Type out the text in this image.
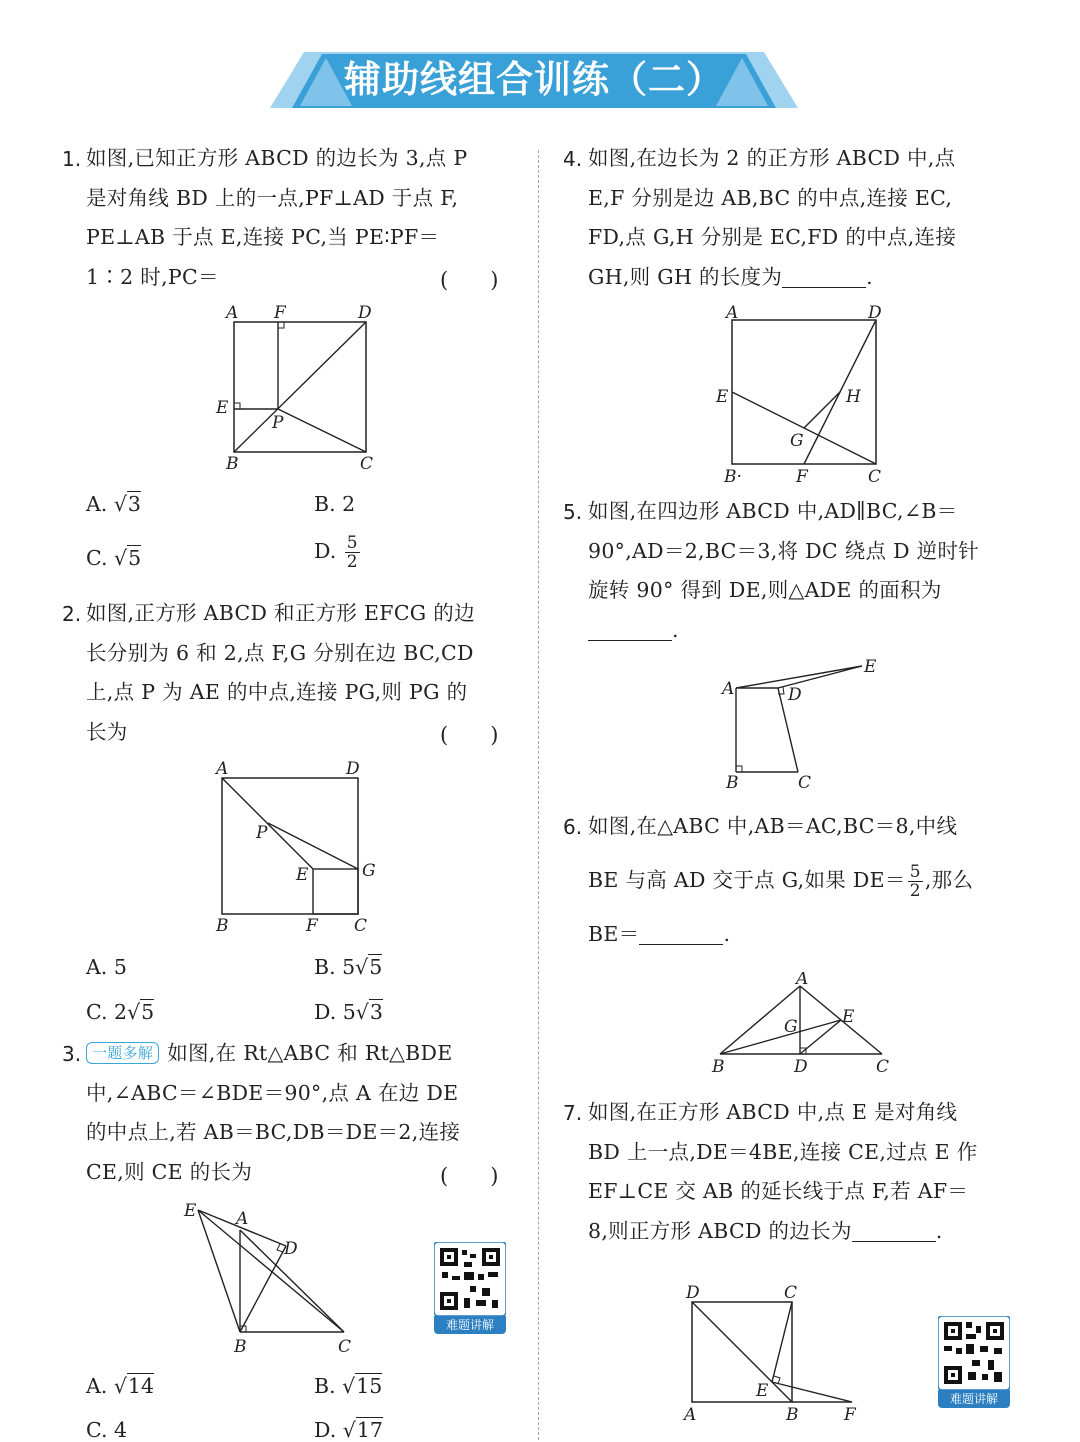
辅助线组合训练（二）
1. 如图,已知正方形 ABCD 的边长为 3,点 P
是对角线 BD 上的一点,PF⊥AD 于点 F,
PE⊥AB 于点 E,连接 PC,当 PE∶PF＝
1∶2 时,PC＝	(　　)
A F	D
E
P
B	C
A. √3	B. 2
C. √5	D. $\frac{5}{2}$
2. 如图,正方形 ABCD 和正方形 EFCG 的边
长分别为 6 和 2,点 F,G 分别在边 BC,CD
上,点 P 为 AE 的中点,连接 PG,则 PG 的
长为	(　　)
A	D
P
G
E
B	F C
A. 5	B. 5√5
C. 2√5	D. 5√3
3. 一题多解 如图,在 Rt△ABC 和 Rt△BDE
中,∠ABC＝∠BDE＝90°,点 A 在边 DE
的中点上,若 AB＝BC,DB＝DE＝2,连接
CE,则 CE 的长为	(　　)
E A
D
B	C
A. √14	B. √15
C. 4	D. √17
难题讲解
4. 如图,在边长为 2 的正方形 ABCD 中,点
E,F 分别是边 AB,BC 的中点,连接 EC,
FD,点 G,H 分别是 EC,FD 的中点,连接
GH,则 GH 的长度为	.
A	D
E	H
G
B·	F	C
5. 如图,在四边形 ABCD 中,AD∥BC,∠B＝
90°,AD＝2,BC＝3,将 DC 绕点 D 逆时针
旋转 90° 得到 DE,则△ADE 的面积为
.
E
A	D
B	C
6. 如图,在△ABC 中,AB＝AC,BC＝8,中线
BE 与高 AD 交于点 G,如果 $DE= \frac{5}{2}$ ,那么
BE＝	.
A
G	E
B	D	C
7. 如图,在正方形 ABCD 中,点 E 是对角线
BD 上一点,DE＝4BE,连接 CE,过点 E 作
EF⊥CE 交 AB 的延长线于点 F,若 AF＝
8,则正方形 ABCD 的边长为	.
D	C
E
A	B	F
难题讲解
